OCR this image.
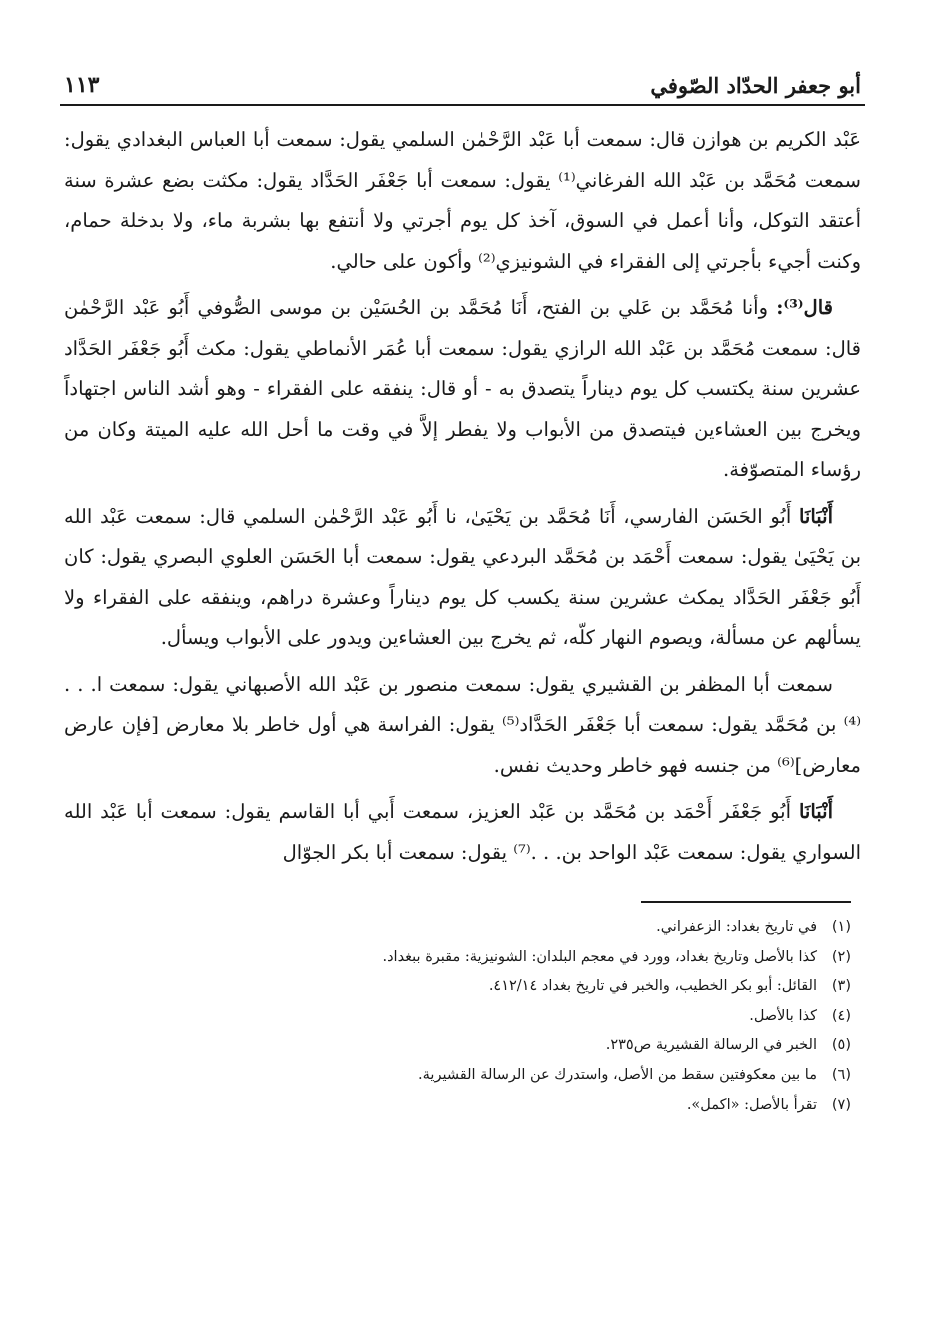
أبو جعفر الحدّاد الصّوفي
١١٣

عَبْد الكريم بن هوازن قال: سمعت أبا عَبْد الرَّحْمٰن السلمي يقول: سمعت أبا العباس البغدادي يقول: سمعت مُحَمَّد بن عَبْد الله الفرغاني⁽¹⁾ يقول: سمعت أبا جَعْفَر الحَدَّاد يقول: مكثت بضع عشرة سنة أعتقد التوكل، وأنا أعمل في السوق، آخذ كل يوم أجرتي ولا أنتفع بها بشربة ماء، ولا بدخلة حمام، وكنت أجيء بأجرتي إلى الفقراء في الشونيزي⁽²⁾ وأكون على حالي.

قال⁽³⁾: وأنا مُحَمَّد بن عَلي بن الفتح، أَنَا مُحَمَّد بن الحُسَيْن بن موسى الصُّوفي أَبُو عَبْد الرَّحْمٰن قال: سمعت مُحَمَّد بن عَبْد الله الرازي يقول: سمعت أبا عُمَر الأنماطي يقول: مكث أَبُو جَعْفَر الحَدَّاد عشرين سنة يكتسب كل يوم ديناراً يتصدق به - أو قال: ينفقه على الفقراء - وهو أشد الناس اجتهاداً ويخرج بين العشاءين فيتصدق من الأبواب ولا يفطر إلاَّ في وقت ما أحل الله عليه الميتة وكان من رؤساء المتصوّفة.

أَنْبَانَا أَبُو الحَسَن الفارسي، أَنَا مُحَمَّد بن يَحْيَىٰ، نا أَبُو عَبْد الرَّحْمٰن السلمي قال: سمعت عَبْد الله بن يَحْيَىٰ يقول: سمعت أَحْمَد بن مُحَمَّد البردعي يقول: سمعت أبا الحَسَن العلوي البصري يقول: كان أَبُو جَعْفَر الحَدَّاد يمكث عشرين سنة يكسب كل يوم ديناراً وعشرة دراهم، وينفقه على الفقراء ولا يسألهم عن مسألة، ويصوم النهار كلّه، ثم يخرج بين العشاءين ويدور على الأبواب ويسأل.

سمعت أبا المظفر بن القشيري يقول: سمعت منصور بن عَبْد الله الأصبهاني يقول: سمعت ا. . .⁽⁴⁾ بن مُحَمَّد يقول: سمعت أبا جَعْفَر الحَدَّاد⁽⁵⁾ يقول: الفراسة هي أول خاطر بلا معارض [فإن عارض معارض]⁽⁶⁾ من جنسه فهو خاطر وحديث نفس.

أَنْبَانَا أَبُو جَعْفَر أَحْمَد بن مُحَمَّد بن عَبْد العزيز، سمعت أَبي أبا القاسم يقول: سمعت أبا عَبْد الله السواري يقول: سمعت عَبْد الواحد بن. . .⁽⁷⁾ يقول: سمعت أبا بكر الجوّال

(١)
في تاريخ بغداد: الزعفراني.
(٢)
كذا بالأصل وتاريخ بغداد، وورد في معجم البلدان: الشونيزية: مقبرة ببغداد.
(٣)
القائل: أبو بكر الخطيب، والخبر في تاريخ بغداد ٤١٢/١٤.
(٤)
كذا بالأصل.
(٥)
الخبر في الرسالة القشيرية ص٢٣٥.
(٦)
ما بين معكوفتين سقط من الأصل، واستدرك عن الرسالة القشيرية.
(٧)
تقرأ بالأصل: «اكمل».
